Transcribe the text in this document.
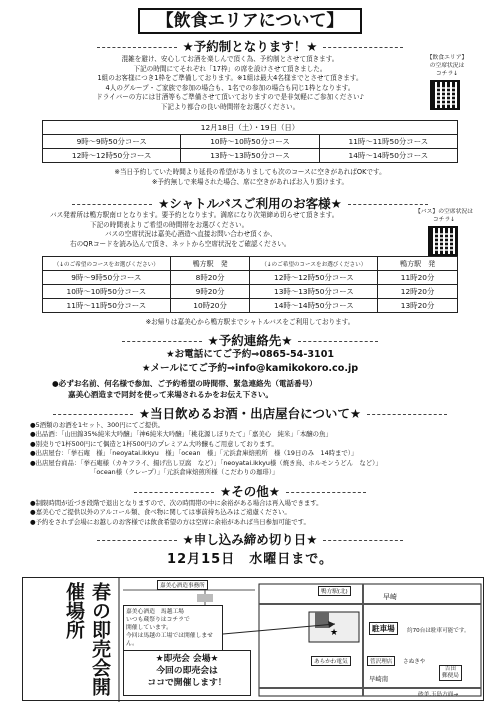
【飲食エリアについて】
★予約制となります！★
混雑を避け、安心してお酒を楽しんで頂く為、予約制とさせて頂きます。
下記の時間にてそれぞれ「17枠」の席を設けさせて頂きました。
1組のお客様につき1枠をご準備しております。※1組は最大4名様までとさせて頂きます。
4人のグループ・ご家族で参加の場合も、1名での参加の場合も同じ1枠となります。
ドライバーの方には甘酒等もご準備させて頂いておりますので是非気軽にご参加ください♪
下記より都合の良い時間帯をお選びください。
【飲食エリア】
の空席状況は
コチラ↓
12月18日（土）・19日（日）		
9時〜9時50分コース	10時〜10時50分コース	11時〜11時50分コース
12時〜12時50分コース	13時〜13時50分コース	14時〜14時50分コース
※当日予約していた時間より延長の希望がありましても次のコースに空きがあればOKです。
※予約無しで来場された場合、席に空きがあればお入り頂けます。
★シャトルバスご利用のお客様★
バス発着所は鴨方駅南ロとなります。要予約となります。満席になり次第締め切らせて頂きます。
下記の時間表よりご希望の時間帯をお選びください。
バスの空席状況は嘉美心酒造へ直接お問い合わせ頂くか、
右のQRコードを読み込んで頂き、ネットから空席状況をご確認ください。
【バス】の空席状況は
コチラ↓
（↓のご希望のコースをお選びください）	鴨方駅　発	（↓のご希望のコースをお選びください）	鴨方駅　発
9時〜9時50分コース	8時20分	12時〜12時50分コース	11時20分
10時〜10時50分コース	9時20分	13時〜13時50分コース	12時20分
11時〜11時50分コース	10時20分	14時〜14時50分コース	13時20分
※お帰りは嘉美心から鴨方駅までシャトルバスをご利用しております。
★予約連絡先★
★お電話にてご予約⇒0865-54-3101
★メールにてご予約⇒info@kamikokoro.co.jp
●必ずお名前、何名様で参加、ご予約希望の時間帯、緊急連絡先（電話番号）
嘉美心酒造まで同封を使って来場されるかをお伝え下さい。
★当日飲めるお酒・出店屋台について★
●5酒類のお酒を1セット、300円にてご提供。
●出品酒：「山田錦35%純米大吟醸」「神6純米大吟醸」「桃花源しぼりたて」「嘉美心　純米」「本醸の魚」
●別売りで1杯500円にて偶造と1杯500円のプレミアム大吟醸もご用意しております。
●出店屋台：「挙石庵　様」「neoyatai.ikkyu　様」「ocean　様」「元浜倉庫焙煎所　様（19日のみ　14時まで）」
●出店屋台商品：「挙石庵様（カキフライ、揚げ出し豆腐　など）」「neoyatai.ikkyu様（焼き鳥、ホルモンうどん　など）」
「ocean様（クレープ）」「元浜倉庫焙煎所様（こだわりの珈琲）」
★その他★
●制限時間が近づき段階で退出となりますので、次の時間帯の中に余裕がある場合は再入場できます。
●嘉美心でご提供以外のアルコール類、食べ物に関しては事前持ち込みはご遠慮ください。
●予約をされず会場にお越しのお客様では飲食希望の方は空席に余裕があれば当日参加可能です。
★申し込み締め切り日★
12月15日　水曜日まで。
春の即売会開催場所	★
嘉美心酒造事務所
嘉美心酒造　馬越工場
いつも蔵祭りはコチラで
開催しています。
今回は馬越の工場では開催しません。
★即売会 会場★
今回の即売会は
ココで開催します！
鴨方駅(北)
早崎
駐車場	約70台は駐車可能です。
あらかわ電気	菅沢理店	さぬきや
吉田
郵便局
早崎南
砂美,玉島方面→
